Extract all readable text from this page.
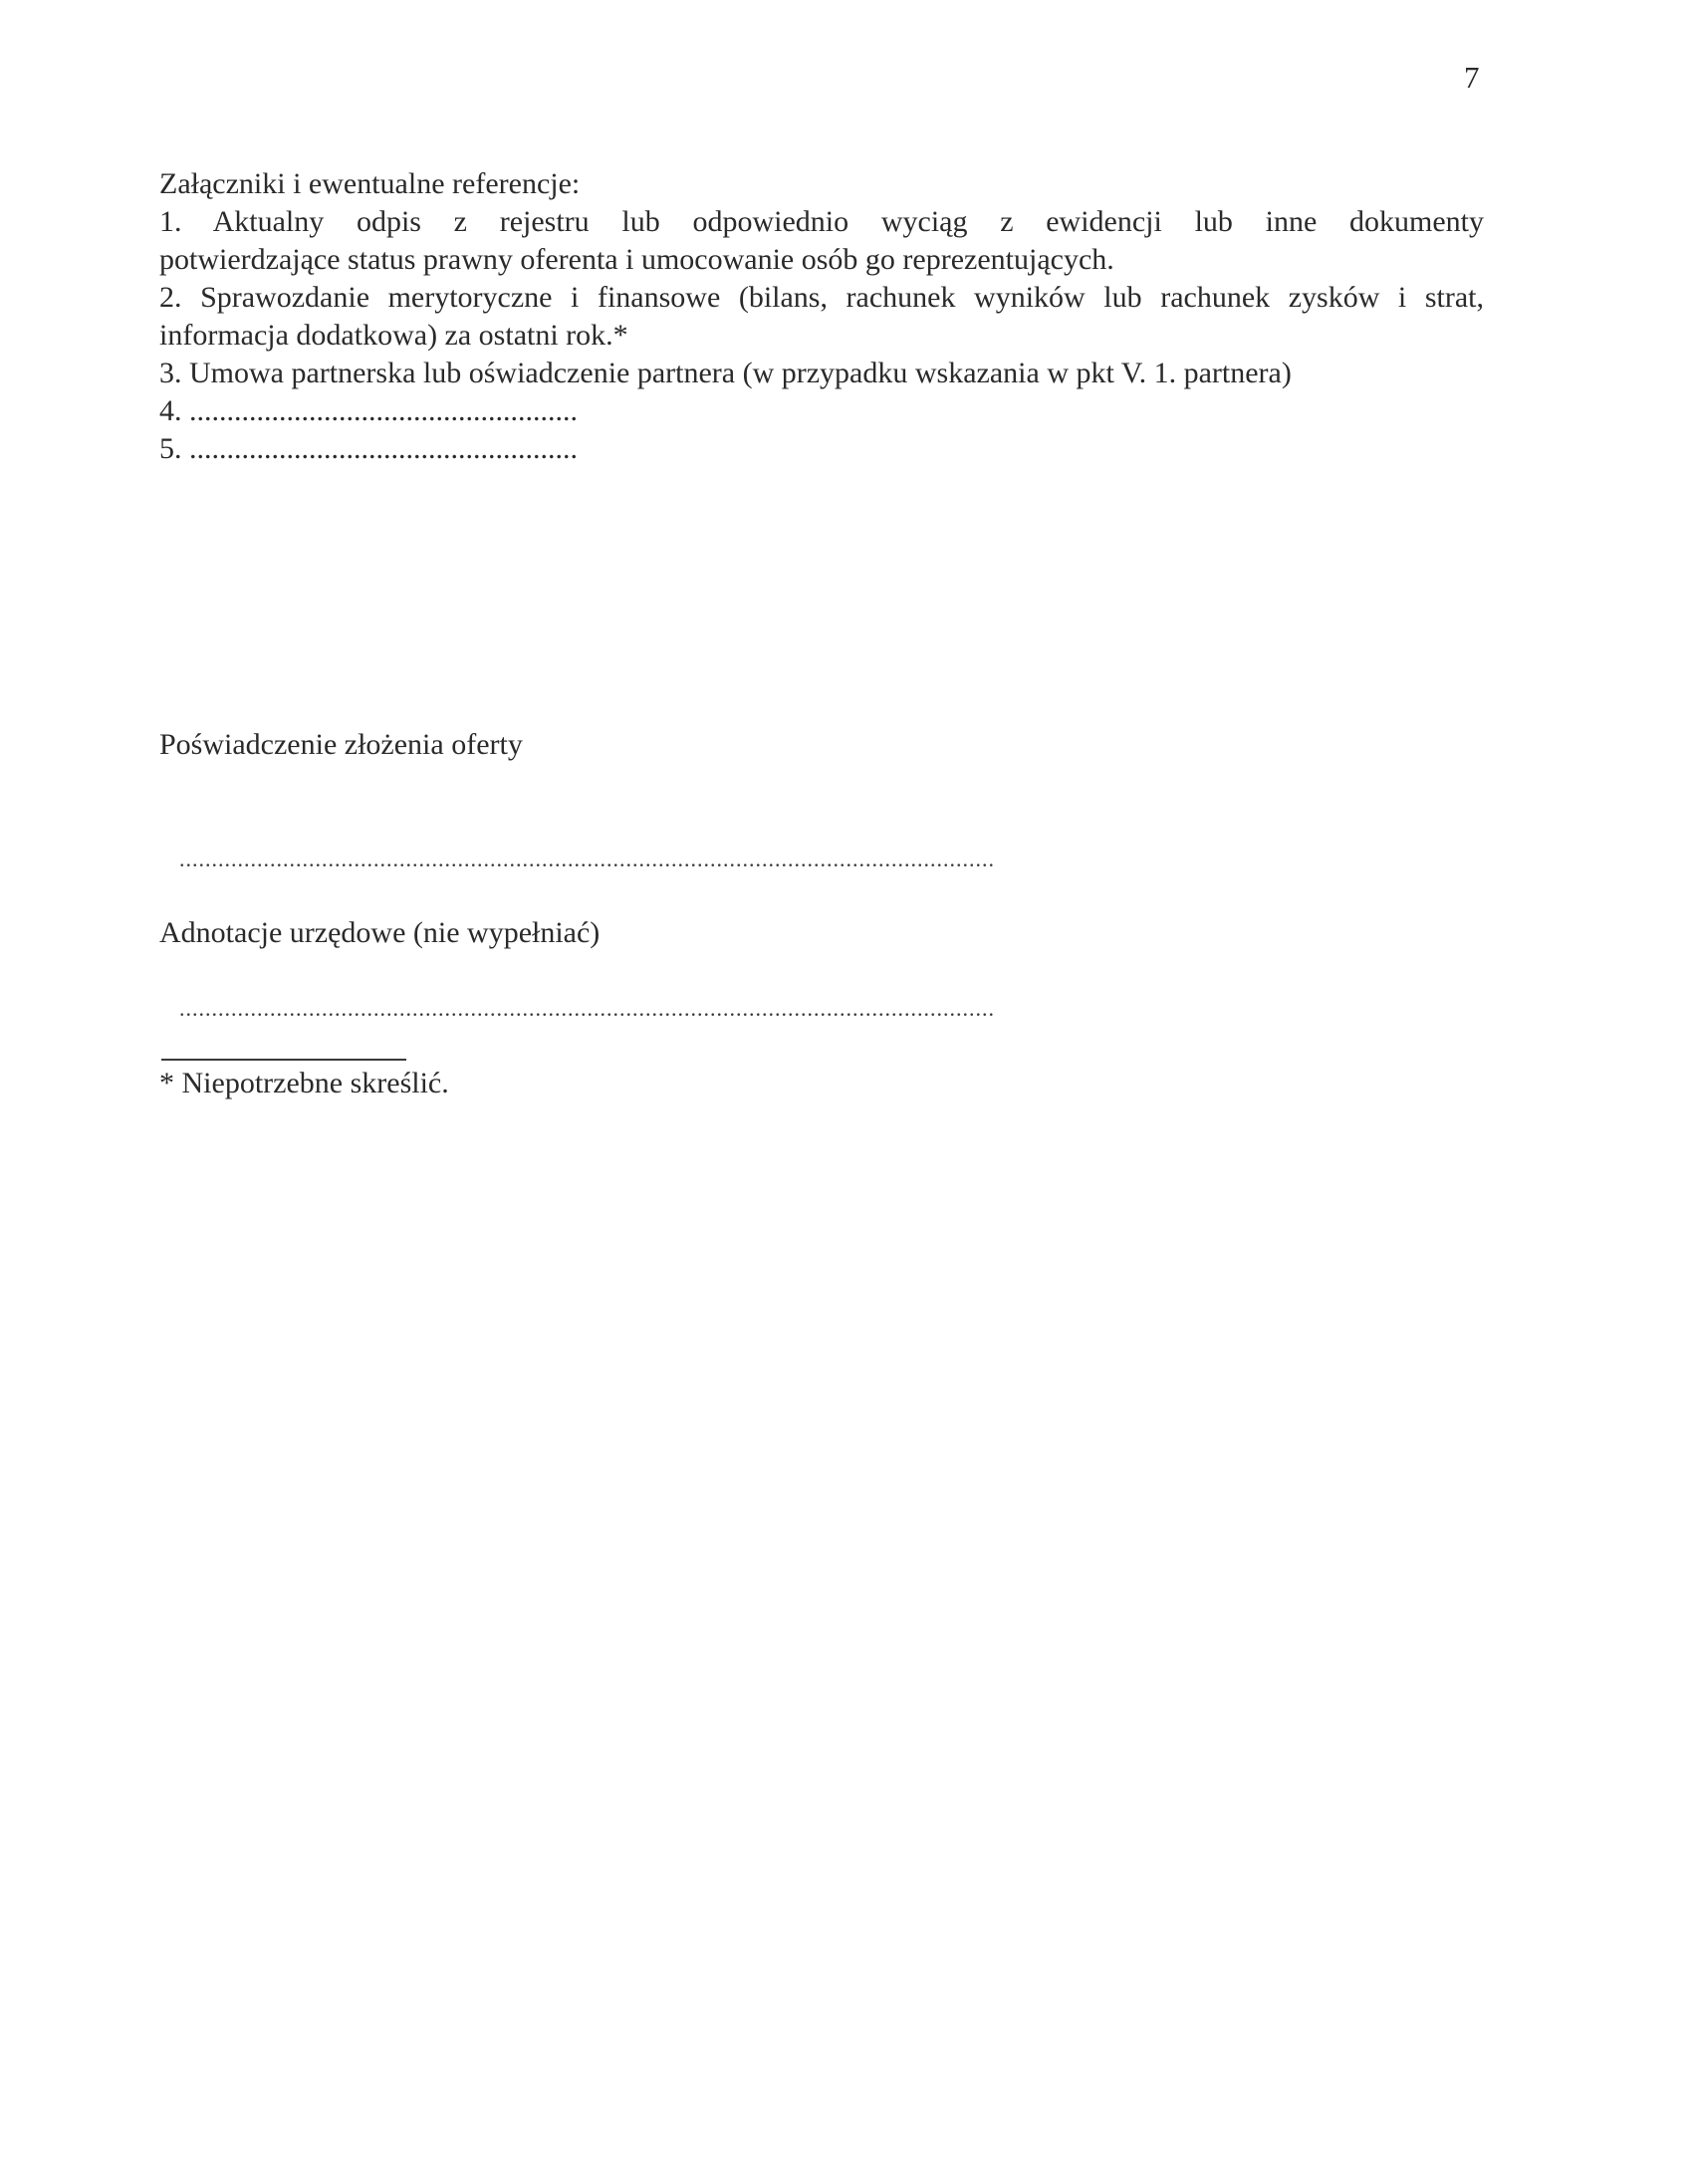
7

Załączniki i ewentualne referencje:

1. Aktualny odpis z rejestru lub odpowiednio wyciąg z ewidencji lub inne dokumenty

potwierdzające status prawny oferenta i umocowanie osób go reprezentujących.

2. Sprawozdanie merytoryczne i finansowe (bilans, rachunek wyników lub rachunek zysków i strat,

informacja dodatkowa) za ostatni rok.*

3. Umowa partnerska lub oświadczenie partnera (w przypadku wskazania w pkt V. 1. partnera)

4. ....................................................

5. ....................................................

Poświadczenie złożenia oferty
..............................................................................................................................
Adnotacje urzędowe (nie wypełniać)
..............................................................................................................................
* Niepotrzebne skreślić.
